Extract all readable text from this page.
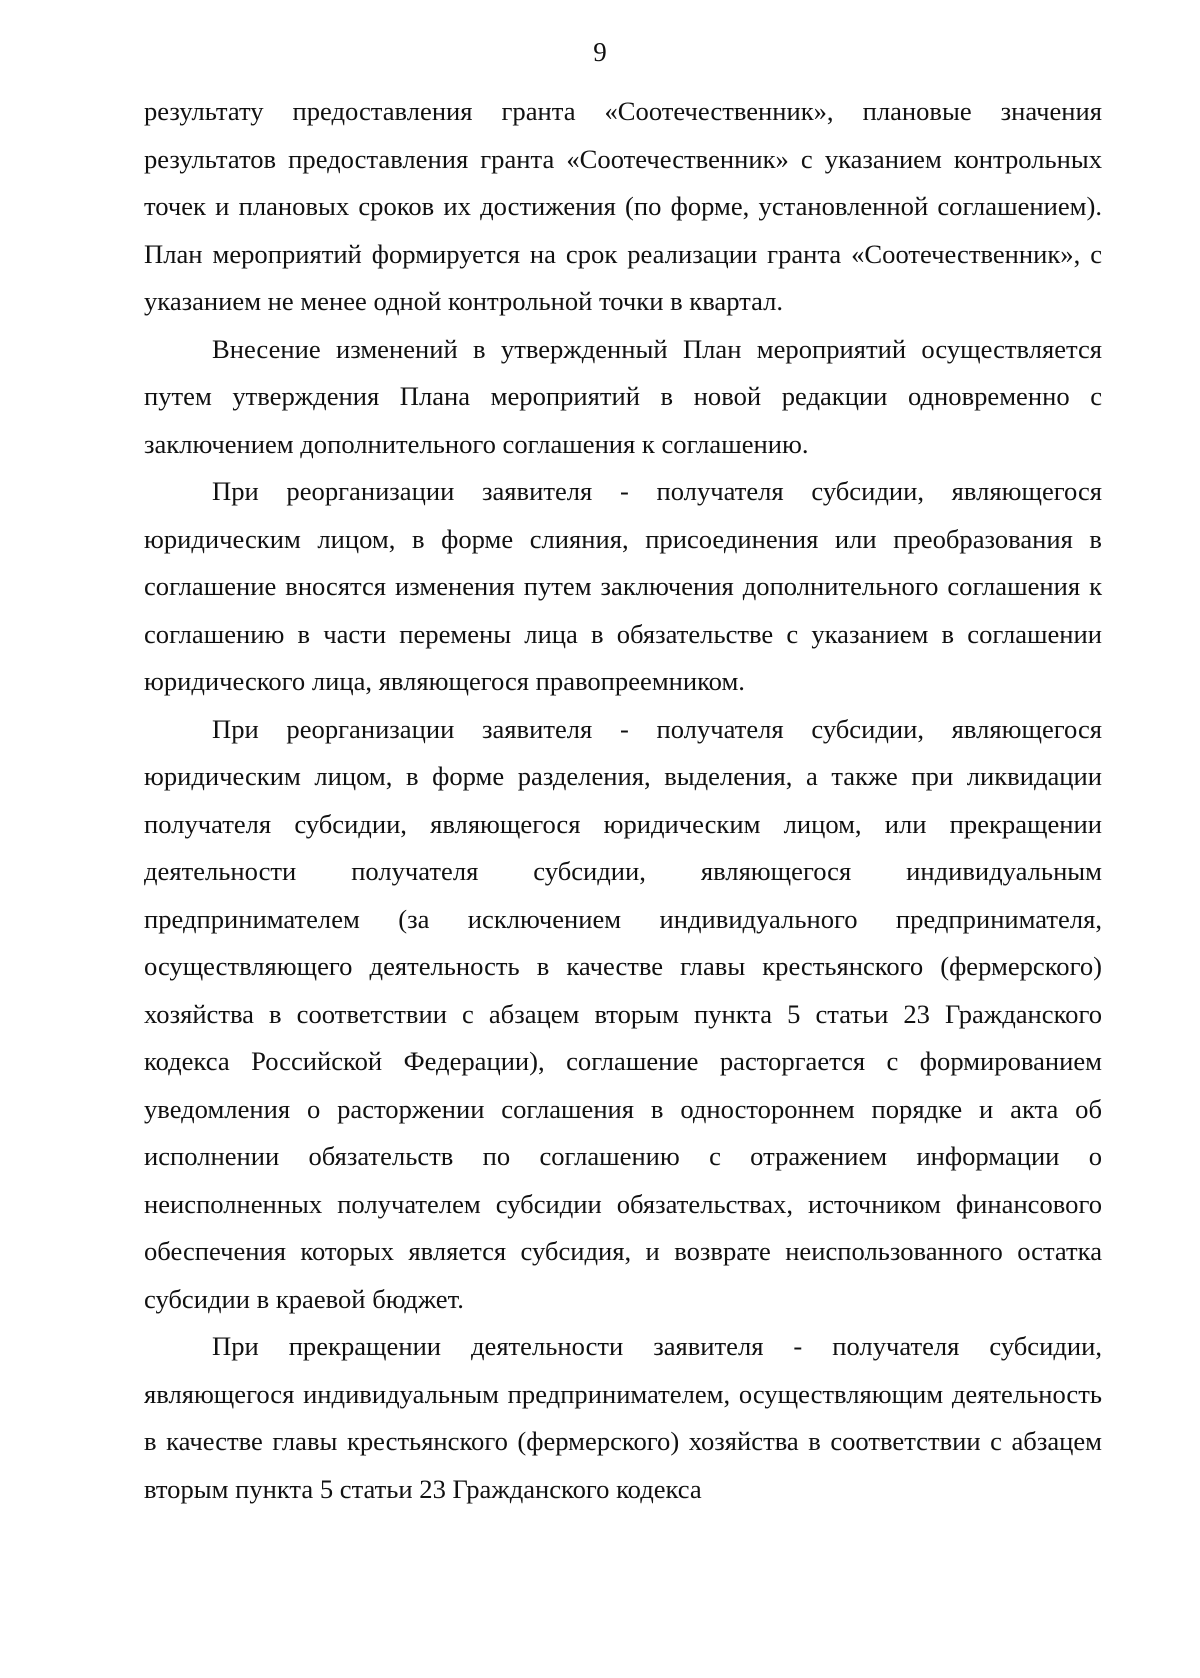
9

результату предоставления гранта «Соотечественник», плановые значения результатов предоставления гранта «Соотечественник» с указанием контрольных точек и плановых сроков их достижения (по форме, установленной соглашением). План мероприятий формируется на срок реализации гранта «Соотечественник», с указанием не менее одной контрольной точки в квартал.

Внесение изменений в утвержденный План мероприятий осуществляется путем утверждения Плана мероприятий в новой редакции одновременно с заключением дополнительного соглашения к соглашению.

При реорганизации заявителя - получателя субсидии, являющегося юридическим лицом, в форме слияния, присоединения или преобразования в соглашение вносятся изменения путем заключения дополнительного соглашения к соглашению в части перемены лица в обязательстве с указанием в соглашении юридического лица, являющегося правопреемником.

При реорганизации заявителя - получателя субсидии, являющегося юридическим лицом, в форме разделения, выделения, а также при ликвидации получателя субсидии, являющегося юридическим лицом, или прекращении деятельности получателя субсидии, являющегося индивидуальным предпринимателем (за исключением индивидуального предпринимателя, осуществляющего деятельность в качестве главы крестьянского (фермерского) хозяйства в соответствии с абзацем вторым пункта 5 статьи 23 Гражданского кодекса Российской Федерации), соглашение расторгается с формированием уведомления о расторжении соглашения в одностороннем порядке и акта об исполнении обязательств по соглашению с отражением информации о неисполненных получателем субсидии обязательствах, источником финансового обеспечения которых является субсидия, и возврате неиспользованного остатка субсидии в краевой бюджет.

При прекращении деятельности заявителя - получателя субсидии, являющегося индивидуальным предпринимателем, осуществляющим деятельность в качестве главы крестьянского (фермерского) хозяйства в соответствии с абзацем вторым пункта 5 статьи 23 Гражданского кодекса
